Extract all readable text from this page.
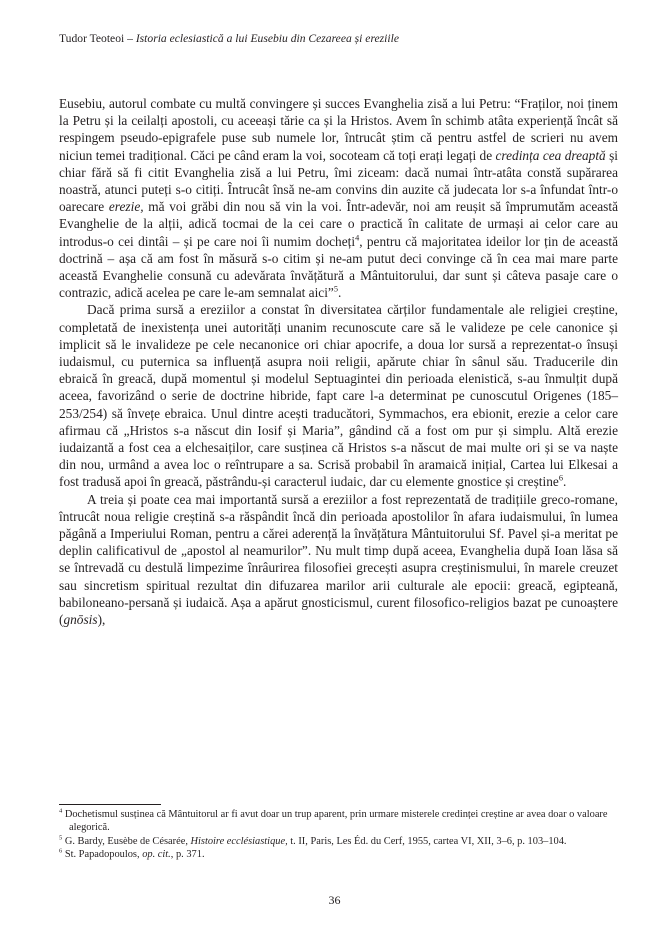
Tudor Teoteoi – Istoria eclesiastică a lui Eusebiu din Cezareea și ereziile

Eusebiu, autorul combate cu multă convingere și succes Evanghelia zisă a lui Petru: “Fraților, noi ținem la Petru și la ceilalți apostoli, cu aceeași tărie ca și la Hristos. Avem în schimb atâta experiență încât să respingem pseudo-epigrafele puse sub numele lor, întrucât știm că pentru astfel de scrieri nu avem niciun temei tradițional. Căci pe când eram la voi, socoteam că toți erați legați de credința cea dreaptă și chiar fără să fi citit Evanghelia zisă a lui Petru, îmi ziceam: dacă numai într-atâta constă supărarea noastră, atunci puteți s-o citiți. Întrucât însă ne-am convins din auzite că judecata lor s-a înfundat într-o oarecare erezie, mă voi grăbi din nou să vin la voi. Într-adevăr, noi am reușit să împrumutăm această Evanghelie de la alții, adică tocmai de la cei care o practică în calitate de urmași ai celor care au introdus-o cei dintâi – și pe care noi îi numim docheți$^4$, pentru că majoritatea ideilor lor țin de această doctrină – așa că am fost în măsură s-o citim și ne-am putut deci convinge că în cea mai mare parte această Evanghelie consună cu adevărata învățătură a Mântuitorului, dar sunt și câteva pasaje care o contrazic, adică acelea pe care le-am semnalat aici”$^5$.

Dacă prima sursă a ereziilor a constat în diversitatea cărților fundamentale ale religiei creștine, completată de inexistența unei autorități unanim recunoscute care să le valideze pe cele canonice și implicit să le invalideze pe cele necanonice ori chiar apocrife, a doua lor sursă a reprezentat-o însuși iudaismul, cu puternica sa influență asupra noii religii, apărute chiar în sânul său. Traducerile din ebraică în greacă, după momentul și modelul Septuagintei din perioada elenistică, s-au înmulțit după aceea, favorizând o serie de doctrine hibride, fapt care l-a determinat pe cunoscutul Origenes (185–253/254) să învețe ebraica. Unul dintre acești traducători, Symmachos, era ebionit, erezie a celor care afirmau că „Hristos s-a născut din Iosif și Maria”, gândind că a fost om pur și simplu. Altă erezie iudaizantă a fost cea a elchesaiților, care susținea că Hristos s-a născut de mai multe ori și se va naște din nou, urmând a avea loc o reîntrupare a sa. Scrisă probabil în aramaică inițial, Cartea lui Elkesai a fost tradusă apoi în greacă, păstrându-și caracterul iudaic, dar cu elemente gnostice și creștine$^6$.

A treia și poate cea mai importantă sursă a ereziilor a fost reprezentată de tradițiile greco-romane, întrucât noua religie creștină s-a răspândit încă din perioada apostolilor în afara iudaismului, în lumea păgână a Imperiului Roman, pentru a cărei aderență la învățătura Mântuitorului Sf. Pavel și-a meritat pe deplin calificativul de „apostol al neamurilor”. Nu mult timp după aceea, Evanghelia după Ioan lăsa să se întrevadă cu destulă limpezime înrâurirea filosofiei grecești asupra creștinismului, în marele creuzet sau sincretism spiritual rezultat din difuzarea marilor arii culturale ale epocii: greacă, egipteană, babiloneano-persană și iudaică. Așa a apărut gnosticismul, curent filosofico-religios bazat pe cunoaștere (gnōsis),

$^4$ Dochetismul susținea că Mântuitorul ar fi avut doar un trup aparent, prin urmare misterele credinței creștine ar avea doar o valoare alegorică.
$^5$ G. Bardy, Eusèbe de Césarée, Histoire ecclésiastique, t. II, Paris, Les Éd. du Cerf, 1955, cartea VI, XII, 3–6, p. 103–104.
$^6$ St. Papadopoulos, op. cit., p. 371.
36
